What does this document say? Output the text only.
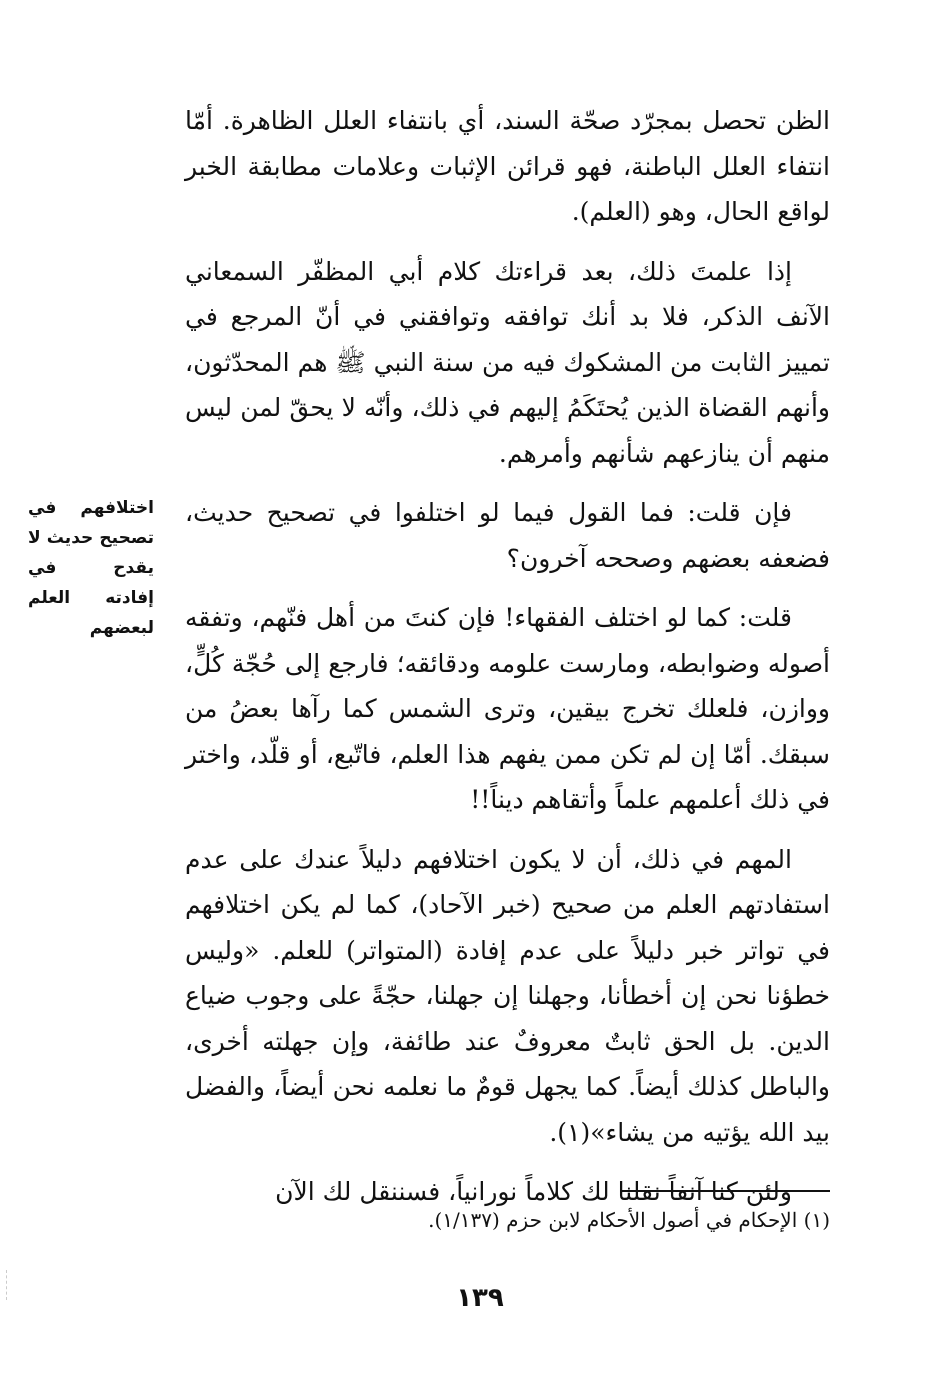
الظن تحصل بمجرّد صحّة السند، أي بانتفاء العلل الظاهرة. أمّا انتفاء العلل الباطنة، فهو قرائن الإثبات وعلامات مطابقة الخبر لواقع الحال، وهو (العلم).

إذا علمتَ ذلك، بعد قراءتك كلام أبي المظفّر السمعاني الآنف الذكر، فلا بد أنك توافقه وتوافقني في أنّ المرجع في تمييز الثابت من المشكوك فيه من سنة النبي ﷺ هم المحدّثون، وأنهم القضاة الذين يُحتَكَمُ إليهم في ذلك، وأنّه لا يحقّ لمن ليس منهم أن ينازعهم شأنهم وأمرهم.

فإن قلت: فما القول فيما لو اختلفوا في تصحيح حديث، فضعفه بعضهم وصححه آخرون؟

قلت: كما لو اختلف الفقهاء! فإن كنتَ من أهل فنّهم، وتفقه أصوله وضوابطه، ومارست علومه ودقائقه؛ فارجع إلى حُجّة كُلٍّ، ووازن، فلعلك تخرج بيقين، وترى الشمس كما رآها بعضُ من سبقك. أمّا إن لم تكن ممن يفهم هذا العلم، فاتّبع، أو قلّد، واختر في ذلك أعلمهم علماً وأتقاهم ديناً!!

المهم في ذلك، أن لا يكون اختلافهم دليلاً عندك على عدم استفادتهم العلم من صحيح (خبر الآحاد)، كما لم يكن اختلافهم في تواتر خبر دليلاً على عدم إفادة (المتواتر) للعلم. «وليس خطؤنا نحن إن أخطأنا، وجهلنا إن جهلنا، حجّةً على وجوب ضياع الدين. بل الحق ثابتٌ معروفٌ عند طائفة، وإن جهلته أخرى، والباطل كذلك أيضاً. كما يجهل قومٌ ما نعلمه نحن أيضاً، والفضل بيد الله يؤتيه من يشاء»(١).

ولئن كنا آنفاً نقلنا لك كلاماً نورانياً، فسننقل لك الآن

اختلافهم في تصحيح حديث لا يقدح في إفادته العلم لبعضهم
(١) الإحكام في أصول الأحكام لابن حزم (١/١٣٧).
١٣٩
